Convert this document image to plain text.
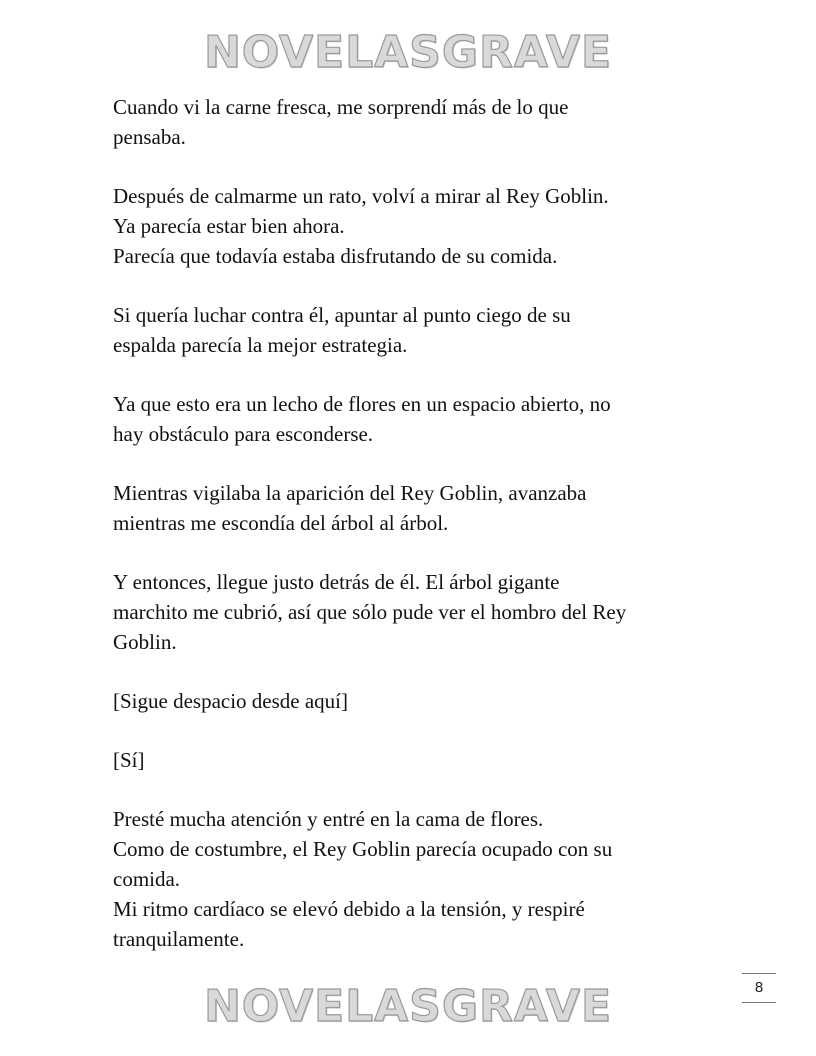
NOVELASGRAVE

Cuando vi la carne fresca, me sorprendí más de lo que
pensaba.

Después de calmarme un rato, volví a mirar al Rey Goblin.
Ya parecía estar bien ahora.
Parecía que todavía estaba disfrutando de su comida.

Si quería luchar contra él, apuntar al punto ciego de su
espalda parecía la mejor estrategia.

Ya que esto era un lecho de flores en un espacio abierto, no
hay obstáculo para esconderse.

Mientras vigilaba la aparición del Rey Goblin, avanzaba
mientras me escondía del árbol al árbol.

Y entonces, llegue justo detrás de él. El árbol gigante
marchito me cubrió, así que sólo pude ver el hombro del Rey
Goblin.

[Sigue despacio desde aquí]

[Sí]

Presté mucha atención y entré en la cama de flores.
Como de costumbre, el Rey Goblin parecía ocupado con su
comida.
Mi ritmo cardíaco se elevó debido a la tensión, y respiré
tranquilamente.

8
NOVELASGRAVE
